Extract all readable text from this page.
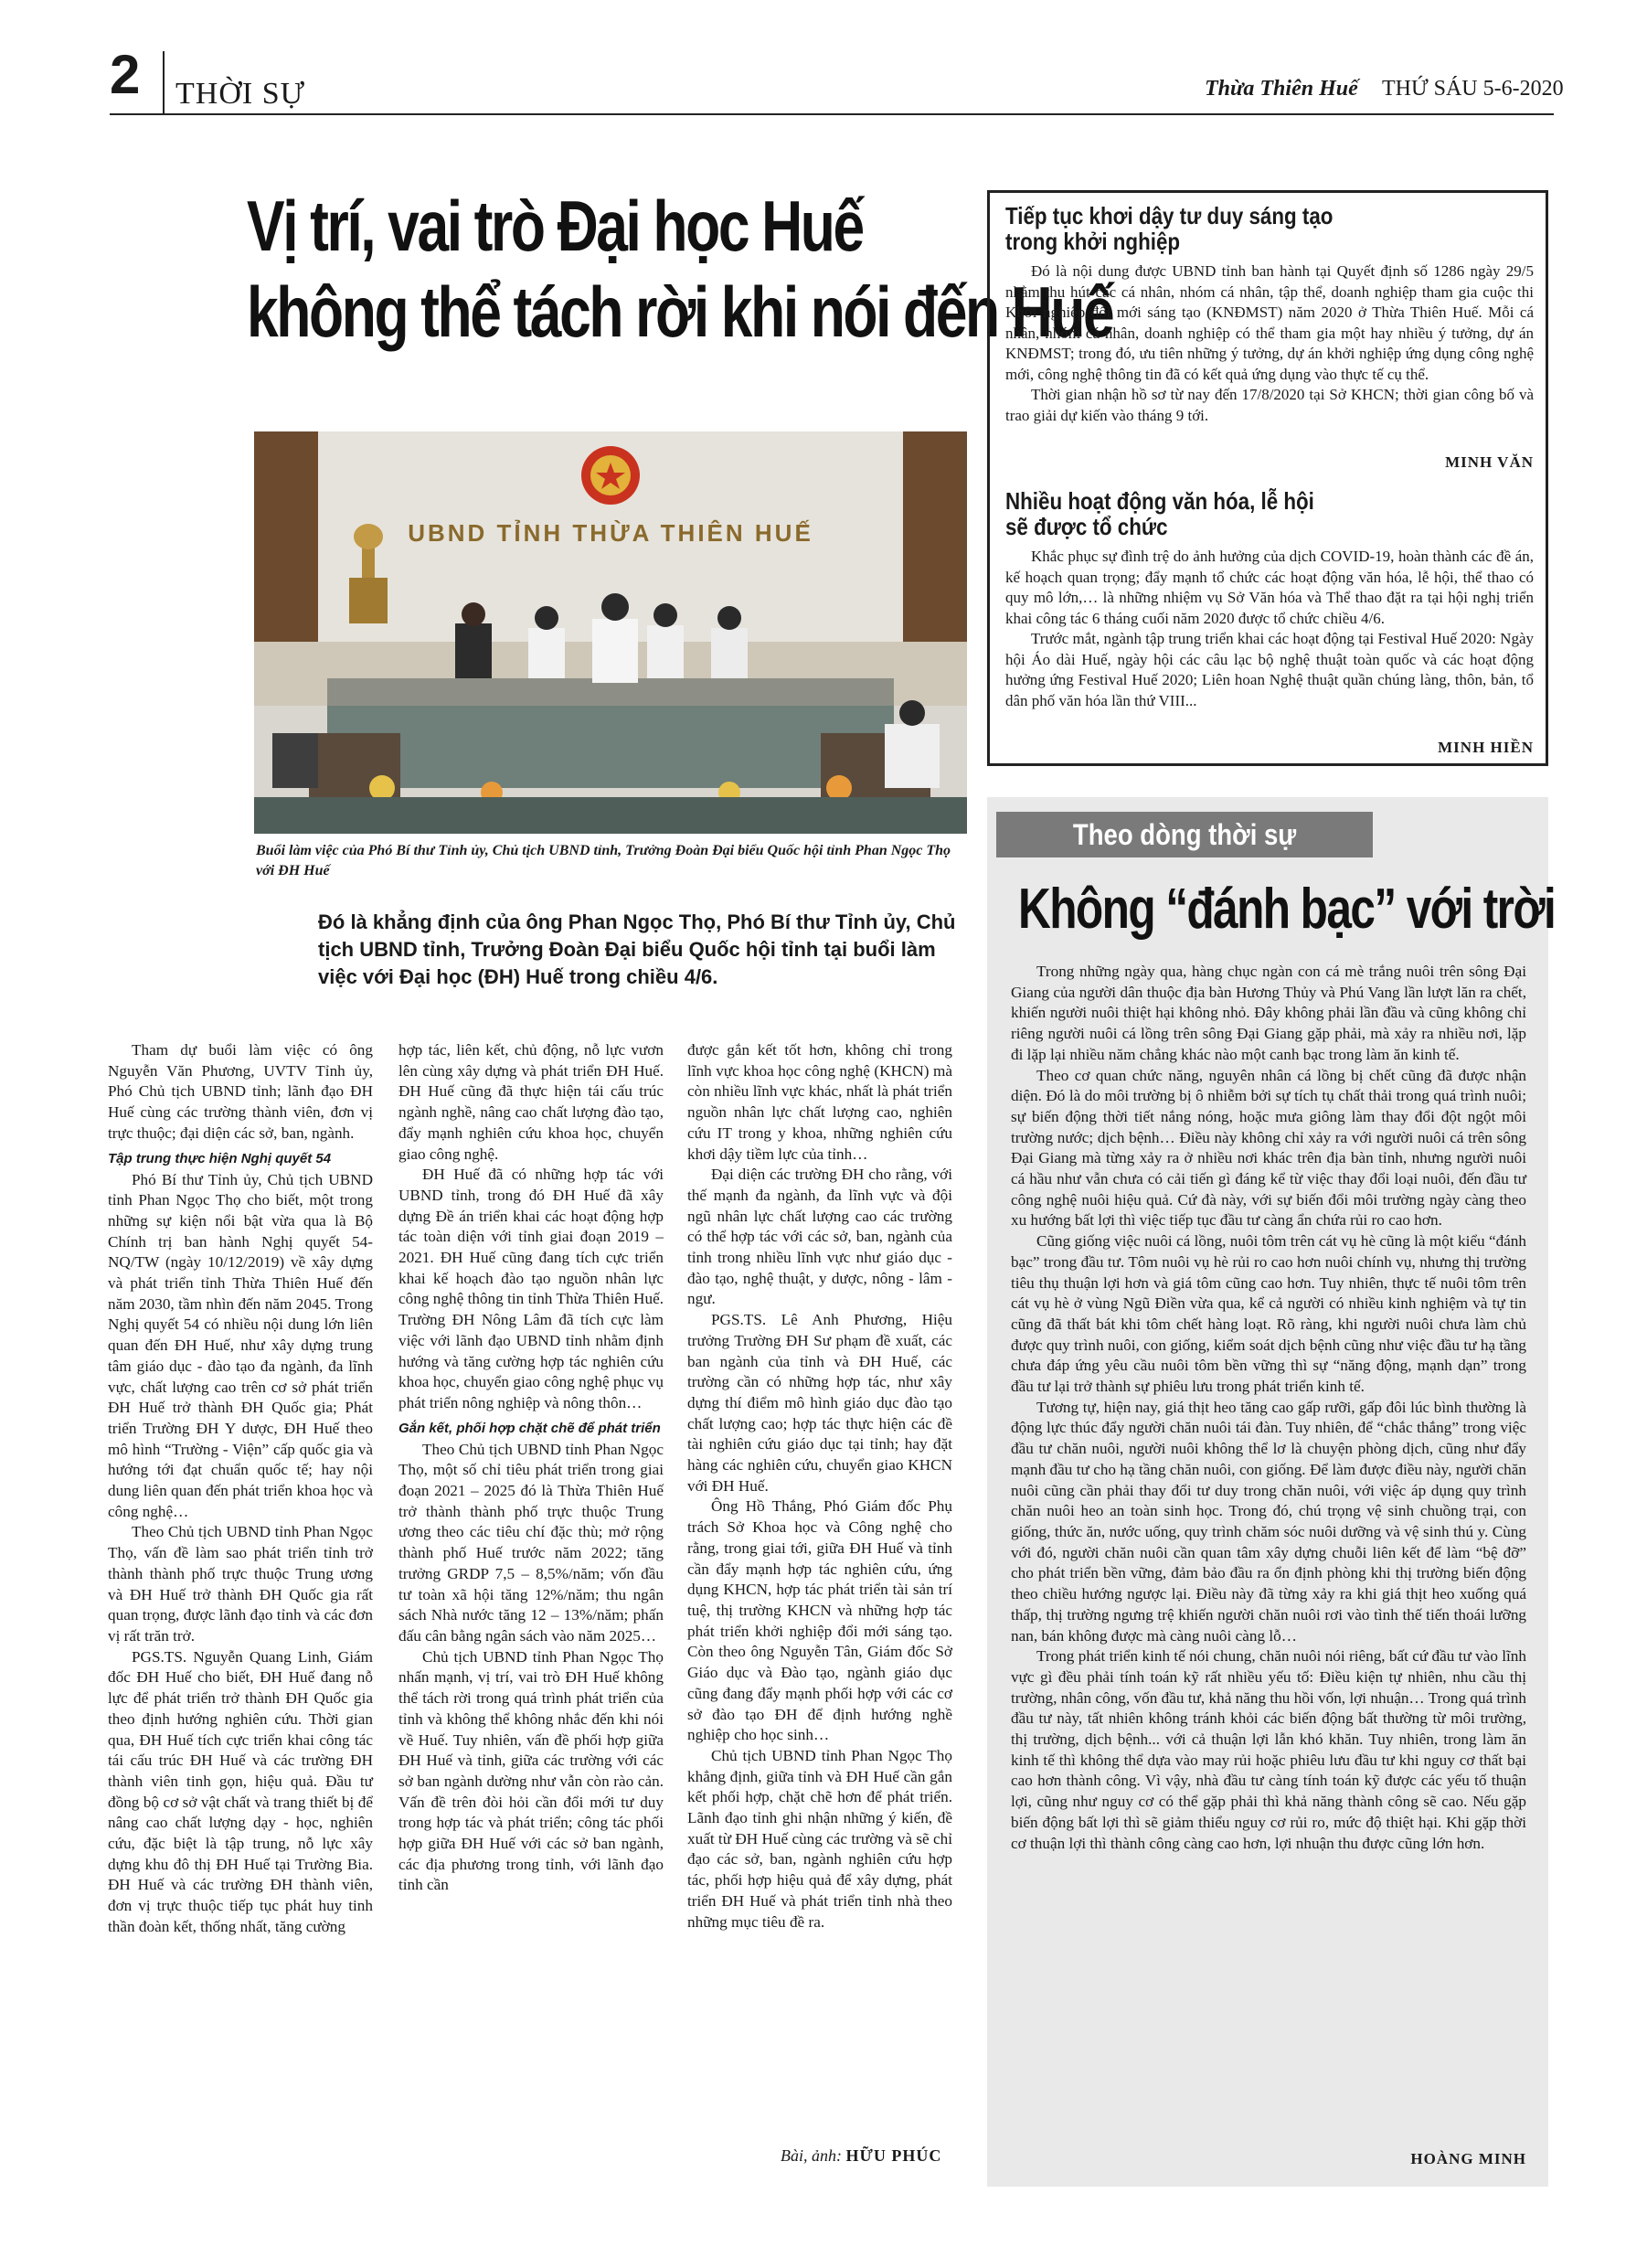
2 THỜI SỰ	Thừa Thiên Huế THỨ SÁU 5-6-2020
Vị trí, vai trò Đại học Huế
không thể tách rời khi nói đến Huế
UBND TỈNH THỪA THIÊN HUẾ
Buổi làm việc của Phó Bí thư Tỉnh ủy, Chủ tịch UBND tỉnh, Trưởng Đoàn Đại biểu Quốc hội tỉnh Phan Ngọc Thọ với ĐH Huế
Đó là khẳng định của ông Phan Ngọc Thọ, Phó Bí thư Tỉnh ủy, Chủ tịch UBND tỉnh, Trưởng Đoàn Đại biểu Quốc hội tỉnh tại buổi làm việc với Đại học (ĐH) Huế trong chiều 4/6.

Tham dự buổi làm việc có ông Nguyễn Văn Phương, UVTV Tỉnh ủy, Phó Chủ tịch UBND tỉnh; lãnh đạo ĐH Huế cùng các trường thành viên, đơn vị trực thuộc; đại diện các sở, ban, ngành.

Tập trung thực hiện Nghị quyết 54

Phó Bí thư Tỉnh ủy, Chủ tịch UBND tỉnh Phan Ngọc Thọ cho biết, một trong những sự kiện nổi bật vừa qua là Bộ Chính trị ban hành Nghị quyết 54-NQ/TW (ngày 10/12/2019) về xây dựng và phát triển tỉnh Thừa Thiên Huế đến năm 2030, tầm nhìn đến năm 2045. Trong Nghị quyết 54 có nhiều nội dung lớn liên quan đến ĐH Huế, như xây dựng trung tâm giáo dục - đào tạo đa ngành, đa lĩnh vực, chất lượng cao trên cơ sở phát triển ĐH Huế trở thành ĐH Quốc gia; Phát triển Trường ĐH Y dược, ĐH Huế theo mô hình “Trường - Viện” cấp quốc gia và hướng tới đạt chuẩn quốc tế; hay nội dung liên quan đến phát triển khoa học và công nghệ…

Theo Chủ tịch UBND tỉnh Phan Ngọc Thọ, vấn đề làm sao phát triển tỉnh trở thành thành phố trực thuộc Trung ương và ĐH Huế trở thành ĐH Quốc gia rất quan trọng, được lãnh đạo tỉnh và các đơn vị rất trăn trở.

PGS.TS. Nguyễn Quang Linh, Giám đốc ĐH Huế cho biết, ĐH Huế đang nỗ lực để phát triển trở thành ĐH Quốc gia theo định hướng nghiên cứu. Thời gian qua, ĐH Huế tích cực triển khai công tác tái cấu trúc ĐH Huế và các trường ĐH thành viên tinh gọn, hiệu quả. Đầu tư đồng bộ cơ sở vật chất và trang thiết bị để nâng cao chất lượng dạy - học, nghiên cứu, đặc biệt là tập trung, nỗ lực xây dựng khu đô thị ĐH Huế tại Trường Bia. ĐH Huế và các trường ĐH thành viên, đơn vị trực thuộc tiếp tục phát huy tinh thần đoàn kết, thống nhất, tăng cường

hợp tác, liên kết, chủ động, nỗ lực vươn lên cùng xây dựng và phát triển ĐH Huế. ĐH Huế cũng đã thực hiện tái cấu trúc ngành nghề, nâng cao chất lượng đào tạo, đẩy mạnh nghiên cứu khoa học, chuyển giao công nghệ.

ĐH Huế đã có những hợp tác với UBND tỉnh, trong đó ĐH Huế đã xây dựng Đề án triển khai các hoạt động hợp tác toàn diện với tỉnh giai đoạn 2019 – 2021. ĐH Huế cũng đang tích cực triển khai kế hoạch đào tạo nguồn nhân lực công nghệ thông tin tỉnh Thừa Thiên Huế. Trường ĐH Nông Lâm đã tích cực làm việc với lãnh đạo UBND tỉnh nhằm định hướng và tăng cường hợp tác nghiên cứu khoa học, chuyển giao công nghệ phục vụ phát triển nông nghiệp và nông thôn…

Gắn kết, phối hợp chặt chẽ để phát triển

Theo Chủ tịch UBND tỉnh Phan Ngọc Thọ, một số chỉ tiêu phát triển trong giai đoạn 2021 – 2025 đó là Thừa Thiên Huế trở thành thành phố trực thuộc Trung ương theo các tiêu chí đặc thù; mở rộng thành phố Huế trước năm 2022; tăng trưởng GRDP 7,5 – 8,5%/năm; vốn đầu tư toàn xã hội tăng 12%/năm; thu ngân sách Nhà nước tăng 12 – 13%/năm; phấn đấu cân bằng ngân sách vào năm 2025…

Chủ tịch UBND tỉnh Phan Ngọc Thọ nhấn mạnh, vị trí, vai trò ĐH Huế không thể tách rời trong quá trình phát triển của tỉnh và không thể không nhắc đến khi nói về Huế. Tuy nhiên, vấn đề phối hợp giữa ĐH Huế và tỉnh, giữa các trường với các sở ban ngành dường như vẫn còn rào cản. Vấn đề trên đòi hỏi cần đổi mới tư duy trong hợp tác và phát triển; công tác phối hợp giữa ĐH Huế với các sở ban ngành, các địa phương trong tỉnh, với lãnh đạo tỉnh cần

được gắn kết tốt hơn, không chỉ trong lĩnh vực khoa học công nghệ (KHCN) mà còn nhiều lĩnh vực khác, nhất là phát triển nguồn nhân lực chất lượng cao, nghiên cứu IT trong y khoa, những nghiên cứu khơi dậy tiềm lực của tỉnh…

Đại diện các trường ĐH cho rằng, với thế mạnh đa ngành, đa lĩnh vực và đội ngũ nhân lực chất lượng cao các trường có thể hợp tác với các sở, ban, ngành của tỉnh trong nhiều lĩnh vực như giáo dục - đào tạo, nghệ thuật, y dược, nông - lâm - ngư.

PGS.TS. Lê Anh Phương, Hiệu trưởng Trường ĐH Sư phạm đề xuất, các ban ngành của tỉnh và ĐH Huế, các trường cần có những hợp tác, như xây dựng thí điểm mô hình giáo dục đào tạo chất lượng cao; hợp tác thực hiện các đề tài nghiên cứu giáo dục tại tỉnh; hay đặt hàng các nghiên cứu, chuyển giao KHCN với ĐH Huế.

Ông Hồ Thắng, Phó Giám đốc Phụ trách Sở Khoa học và Công nghệ cho rằng, trong giai tới, giữa ĐH Huế và tỉnh cần đẩy mạnh hợp tác nghiên cứu, ứng dụng KHCN, hợp tác phát triển tài sản trí tuệ, thị trường KHCN và những hợp tác phát triển khởi nghiệp đổi mới sáng tạo. Còn theo ông Nguyễn Tân, Giám đốc Sở Giáo dục và Đào tạo, ngành giáo dục cũng đang đẩy mạnh phối hợp với các cơ sở đào tạo ĐH để định hướng nghề nghiệp cho học sinh…

Chủ tịch UBND tỉnh Phan Ngọc Thọ khẳng định, giữa tỉnh và ĐH Huế cần gắn kết phối hợp, chặt chẽ hơn để phát triển. Lãnh đạo tỉnh ghi nhận những ý kiến, đề xuất từ ĐH Huế cùng các trường và sẽ chỉ đạo các sở, ban, ngành nghiên cứu hợp tác, phối hợp hiệu quả để xây dựng, phát triển ĐH Huế và phát triển tỉnh nhà theo những mục tiêu đề ra.

Bài, ảnh: HỮU PHÚC
Tiếp tục khơi dậy tư duy sáng tạo
trong khởi nghiệp

Đó là nội dung được UBND tỉnh ban hành tại Quyết định số 1286 ngày 29/5 nhằm thu hút các cá nhân, nhóm cá nhân, tập thể, doanh nghiệp tham gia cuộc thi Khởi nghiệp đổi mới sáng tạo (KNĐMST) năm 2020 ở Thừa Thiên Huế. Mỗi cá nhân, nhóm cá nhân, doanh nghiệp có thể tham gia một hay nhiều ý tưởng, dự án KNĐMST; trong đó, ưu tiên những ý tưởng, dự án khởi nghiệp ứng dụng công nghệ mới, công nghệ thông tin đã có kết quả ứng dụng vào thực tế cụ thể.

Thời gian nhận hồ sơ từ nay đến 17/8/2020 tại Sở KHCN; thời gian công bố và trao giải dự kiến vào tháng 9 tới.

MINH VĂN
Nhiều hoạt động văn hóa, lễ hội
sẽ được tổ chức

Khắc phục sự đình trệ do ảnh hưởng của dịch COVID-19, hoàn thành các đề án, kế hoạch quan trọng; đẩy mạnh tổ chức các hoạt động văn hóa, lễ hội, thể thao có quy mô lớn,… là những nhiệm vụ Sở Văn hóa và Thể thao đặt ra tại hội nghị triển khai công tác 6 tháng cuối năm 2020 được tổ chức chiều 4/6.

Trước mắt, ngành tập trung triển khai các hoạt động tại Festival Huế 2020: Ngày hội Áo dài Huế, ngày hội các câu lạc bộ nghệ thuật toàn quốc và các hoạt động hưởng ứng Festival Huế 2020; Liên hoan Nghệ thuật quần chúng làng, thôn, bản, tổ dân phố văn hóa lần thứ VIII...

MINH HIỀN
Theo dòng thời sự
Không “đánh bạc” với trời

Trong những ngày qua, hàng chục ngàn con cá mè trắng nuôi trên sông Đại Giang của người dân thuộc địa bàn Hương Thủy và Phú Vang lần lượt lăn ra chết, khiến người nuôi thiệt hại không nhỏ. Đây không phải lần đầu và cũng không chỉ riêng người nuôi cá lồng trên sông Đại Giang gặp phải, mà xảy ra nhiều nơi, lặp đi lặp lại nhiều năm chẳng khác nào một canh bạc trong làm ăn kinh tế.

Theo cơ quan chức năng, nguyên nhân cá lồng bị chết cũng đã được nhận diện. Đó là do môi trường bị ô nhiễm bởi sự tích tụ chất thải trong quá trình nuôi; sự biến động thời tiết nắng nóng, hoặc mưa giông làm thay đổi đột ngột môi trường nước; dịch bệnh… Điều này không chỉ xảy ra với người nuôi cá trên sông Đại Giang mà từng xảy ra ở nhiều nơi khác trên địa bàn tỉnh, nhưng người nuôi cá hầu như vẫn chưa có cải tiến gì đáng kể từ việc thay đổi loại nuôi, đến đầu tư công nghệ nuôi hiệu quả. Cứ đà này, với sự biến đổi môi trường ngày càng theo xu hướng bất lợi thì việc tiếp tục đầu tư càng ẩn chứa rủi ro cao hơn.

Cũng giống việc nuôi cá lồng, nuôi tôm trên cát vụ hè cũng là một kiểu “đánh bạc” trong đầu tư. Tôm nuôi vụ hè rủi ro cao hơn nuôi chính vụ, nhưng thị trường tiêu thụ thuận lợi hơn và giá tôm cũng cao hơn. Tuy nhiên, thực tế nuôi tôm trên cát vụ hè ở vùng Ngũ Điền vừa qua, kể cả người có nhiều kinh nghiệm và tự tin cũng đã thất bát khi tôm chết hàng loạt. Rõ ràng, khi người nuôi chưa làm chủ được quy trình nuôi, con giống, kiểm soát dịch bệnh cũng như việc đầu tư hạ tầng chưa đáp ứng yêu cầu nuôi tôm bền vững thì sự “năng động, mạnh dạn” trong đầu tư lại trở thành sự phiêu lưu trong phát triển kinh tế.

Tương tự, hiện nay, giá thịt heo tăng cao gấp rưỡi, gấp đôi lúc bình thường là động lực thúc đẩy người chăn nuôi tái đàn. Tuy nhiên, để “chắc thắng” trong việc đầu tư chăn nuôi, người nuôi không thể lơ là chuyện phòng dịch, cũng như đẩy mạnh đầu tư cho hạ tầng chăn nuôi, con giống. Để làm được điều này, người chăn nuôi cũng cần phải thay đổi tư duy trong chăn nuôi, với việc áp dụng quy trình chăn nuôi heo an toàn sinh học. Trong đó, chú trọng vệ sinh chuồng trại, con giống, thức ăn, nước uống, quy trình chăm sóc nuôi dưỡng và vệ sinh thú y. Cùng với đó, người chăn nuôi cần quan tâm xây dựng chuỗi liên kết để làm “bệ đỡ” cho phát triển bền vững, đảm bảo đầu ra ổn định phòng khi thị trường biến động theo chiều hướng ngược lại. Điều này đã từng xảy ra khi giá thịt heo xuống quá thấp, thị trường ngưng trệ khiến người chăn nuôi rơi vào tình thế tiến thoái lưỡng nan, bán không được mà càng nuôi càng lỗ…

Trong phát triển kinh tế nói chung, chăn nuôi nói riêng, bất cứ đầu tư vào lĩnh vực gì đều phải tính toán kỹ rất nhiều yếu tố: Điều kiện tự nhiên, nhu cầu thị trường, nhân công, vốn đầu tư, khả năng thu hồi vốn, lợi nhuận… Trong quá trình đầu tư này, tất nhiên không tránh khỏi các biến động bất thường từ môi trường, thị trường, dịch bệnh... với cả thuận lợi lẫn khó khăn. Tuy nhiên, trong làm ăn kinh tế thì không thể dựa vào may rủi hoặc phiêu lưu đầu tư khi nguy cơ thất bại cao hơn thành công. Vì vậy, nhà đầu tư càng tính toán kỹ được các yếu tố thuận lợi, cũng như nguy cơ có thể gặp phải thì khả năng thành công sẽ cao. Nếu gặp biến động bất lợi thì sẽ giảm thiểu nguy cơ rủi ro, mức độ thiệt hại. Khi gặp thời cơ thuận lợi thì thành công càng cao hơn, lợi nhuận thu được cũng lớn hơn.

HOÀNG MINH
